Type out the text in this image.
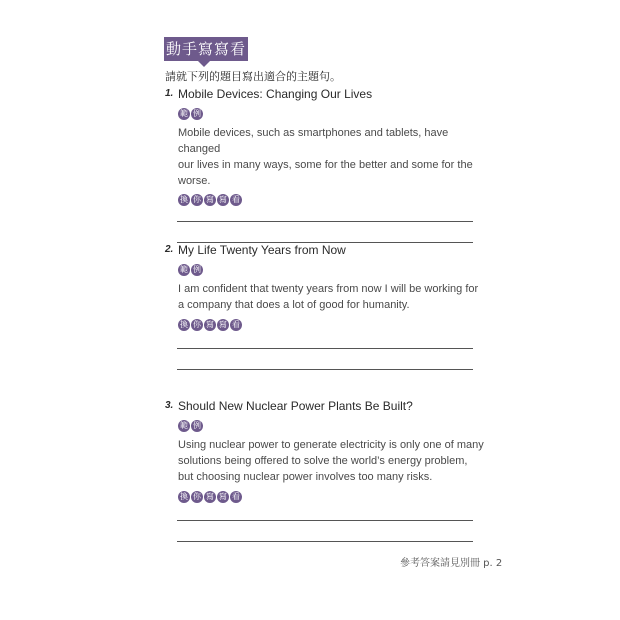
動手寫寫看
請就下列的題目寫出適合的主題句。
1. Mobile Devices: Changing Our Lives
範 例
Mobile devices, such as smartphones and tablets, have changed
our lives in many ways, some for the better and some for the worse.
換 你 寫 寫 看
2. My Life Twenty Years from Now
範 例
I am confident that twenty years from now I will be working for
a company that does a lot of good for humanity.
換 你 寫 寫 看
3. Should New Nuclear Power Plants Be Built?
範 例
Using nuclear power to generate electricity is only one of many
solutions being offered to solve the world’s energy problem,
but choosing nuclear power involves too many risks.
換 你 寫 寫 看
參考答案請見別冊 p. 2
